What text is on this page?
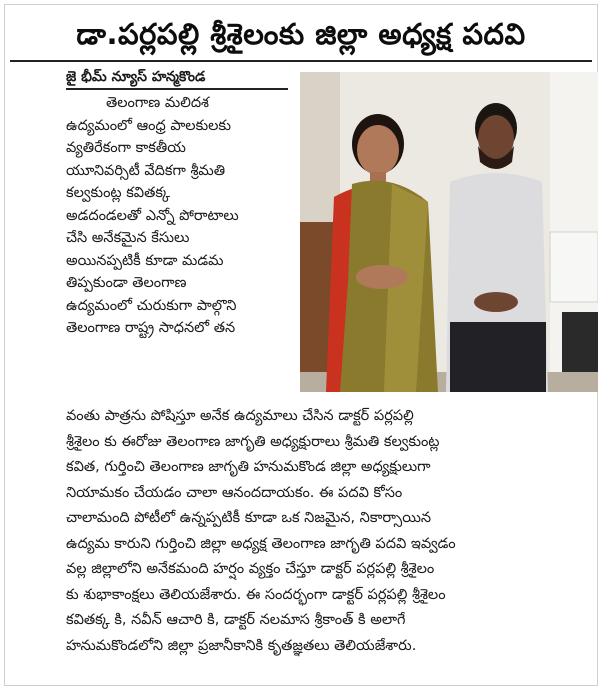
డా.పర్లపల్లి శ్రీశైలంకు జిల్లా అధ్యక్ష పదవి
జై భీమ్ న్యూస్ హన్మకొండ
తెలంగాణ మలిదశ
ఉద్యమంలో ఆంధ్ర పాలకులకు
వ్యతిరేకంగా కాకతీయ
యూనివర్సిటీ వేదికగా శ్రీమతి
కల్వకుంట్ల కవితక్క
అడదండలతో ఎన్నో పోరాటాలు
చేసి అనేకమైన కేసులు
అయినప్పటికీ కూడా మడమ
తిప్పకుండా తెలంగాణ
ఉద్యమంలో చురుకుగా పాల్గొని
తెలంగాణ రాష్ట్ర సాధనలో తన
వంతు పాత్రను పోషిస్తూ అనేక ఉద్యమాలు చేసిన డాక్టర్ పర్లపల్లి
శ్రీశైలం కు ఈరోజు తెలంగాణ జాగృతి అధ్యక్షురాలు శ్రీమతి కల్వకుంట్ల
కవిత, గుర్తించి తెలంగాణ జాగృతి హనుమకొండ జిల్లా అధ్యక్షులుగా
నియామకం చేయడం చాలా ఆనందదాయకం. ఈ పదవి కోసం
చాలామంది పోటీలో ఉన్నప్పటికీ కూడా ఒక నిజమైన, నికార్సాయిన
ఉద్యమ కారుని గుర్తించి జిల్లా అధ్యక్ష తెలంగాణ జాగృతి పదవి ఇవ్వడం
వల్ల జిల్లాలోని అనేకమంది హర్షం వ్యక్తం చేస్తూ డాక్టర్ పర్లపల్లి శ్రీశైలం
కు శుభాకాంక్షలు తెలియజేశారు. ఈ సందర్భంగా డాక్టర్ పర్లపల్లి శ్రీశైలం
కవితక్క కి, నవీన్ ఆచారి కి, డాక్టర్ నలమాస శ్రీకాంత్ కి అలాగే
హనుమకొండలోని జిల్లా ప్రజానీకానికి కృతజ్ఞతలు తెలియజేశారు.
